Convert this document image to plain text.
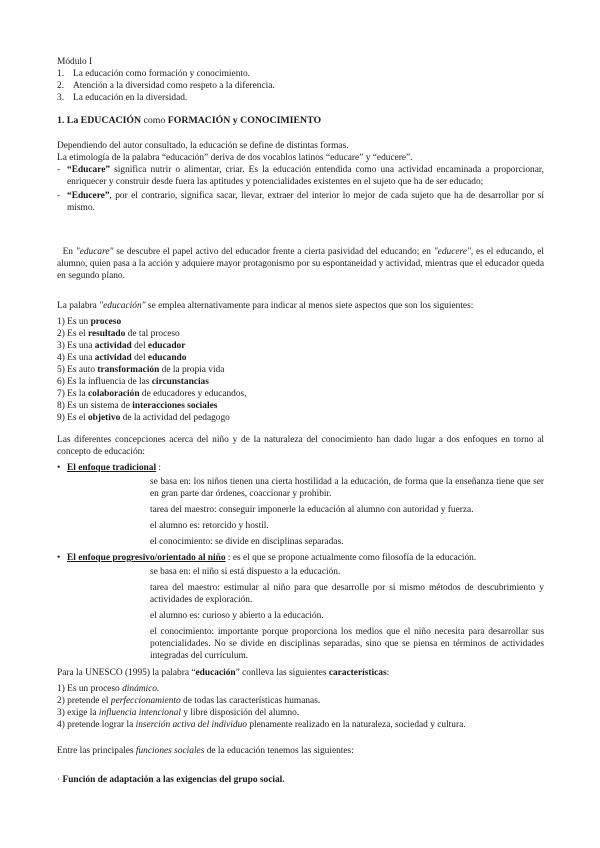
Módulo I

1. La educación como formación y conocimiento.
2. Atención a la diversidad como respeto a la diferencia.
3. La educación en la diversidad.
1. La EDUCACIÓN como FORMACIÓN y CONOCIMIENTO

Dependiendo del autor consultado, la educación se define de distintas formas.

La etimología de la palabra “educación” deriva de dos vocablos latinos “educare” y “educere”.

- “Educare” significa nutrir o alimentar, criar. Es la educación entendida como una actividad encaminada a proporcionar, enriquecer y construir desde fuera las aptitudes y potencialidades existentes en el sujeto que ha de ser educado;
- “Educere”, por el contrario, significa sacar, llevar, extraer del interior lo mejor de cada sujeto que ha de desarrollar por sí mismo.

En "educare" se descubre el papel activo del educador frente a cierta pasividad del educando; en "educere", es el educando, el alumno, quien pasa a la acción y adquiere mayor protagonismo por su espontaneidad y actividad, mientras que el educador queda en segundo plano.

La palabra "educación" se emplea alternativamente para indicar al menos siete aspectos que son los siguientes:

1) Es un proceso

2) Es el resultado de tal proceso

3) Es una actividad del educador

4) Es una actividad del educando

5) Es auto transformación de la propia vida

6) Es la influencia de las circunstancias

7) Es la colaboración de educadores y educandos,

8) Es un sistema de interacciones sociales

9) Es el objetivo de la actividad del pedagogo

Las diferentes concepciones acerca del niño y de la naturaleza del conocimiento han dado lugar a dos enfoques en torno al concepto de educación:

• El enfoque tradicional :

se basa en: los niños tienen una cierta hostilidad a la educación, de forma que la enseñanza tiene que ser en gran parte dar órdenes, coaccionar y prohibir.

tarea del maestro: conseguir imponerle la educación al alumno con autoridad y fuerza.

el alumno es: retorcido y hostil.

el conocimiento: se divide en disciplinas separadas.

• El enfoque progresivo/orientado al niño : es el que se propone actualmente como filosofía de la educación.

se basa en: el niño si está dispuesto a la educación.

tarea del maestro: estimular al niño para que desarrolle por sí mismo métodos de descubrimiento y actividades de exploración.

el alumno es: curioso y abierto a la educación.

el conocimiento: importante porque proporciona los medios que el niño necesita para desarrollar sus potencialidades. No se divide en disciplinas separadas, sino que se piensa en términos de actividades integradas del currículum.

Para la UNESCO (1995) la palabra “educación” conlleva las siguientes características:

1) Es un proceso dinámico.

2) pretende el perfeccionamiento de todas las características humanas.

3) exige la influencia intencional y libre disposición del alumno.

4) pretende lograr la inserción activa del individuo plenamente realizado en la naturaleza, sociedad y cultura.

Entre las principales funciones sociales de la educación tenemos las siguientes:

· Función de adaptación a las exigencias del grupo social.
